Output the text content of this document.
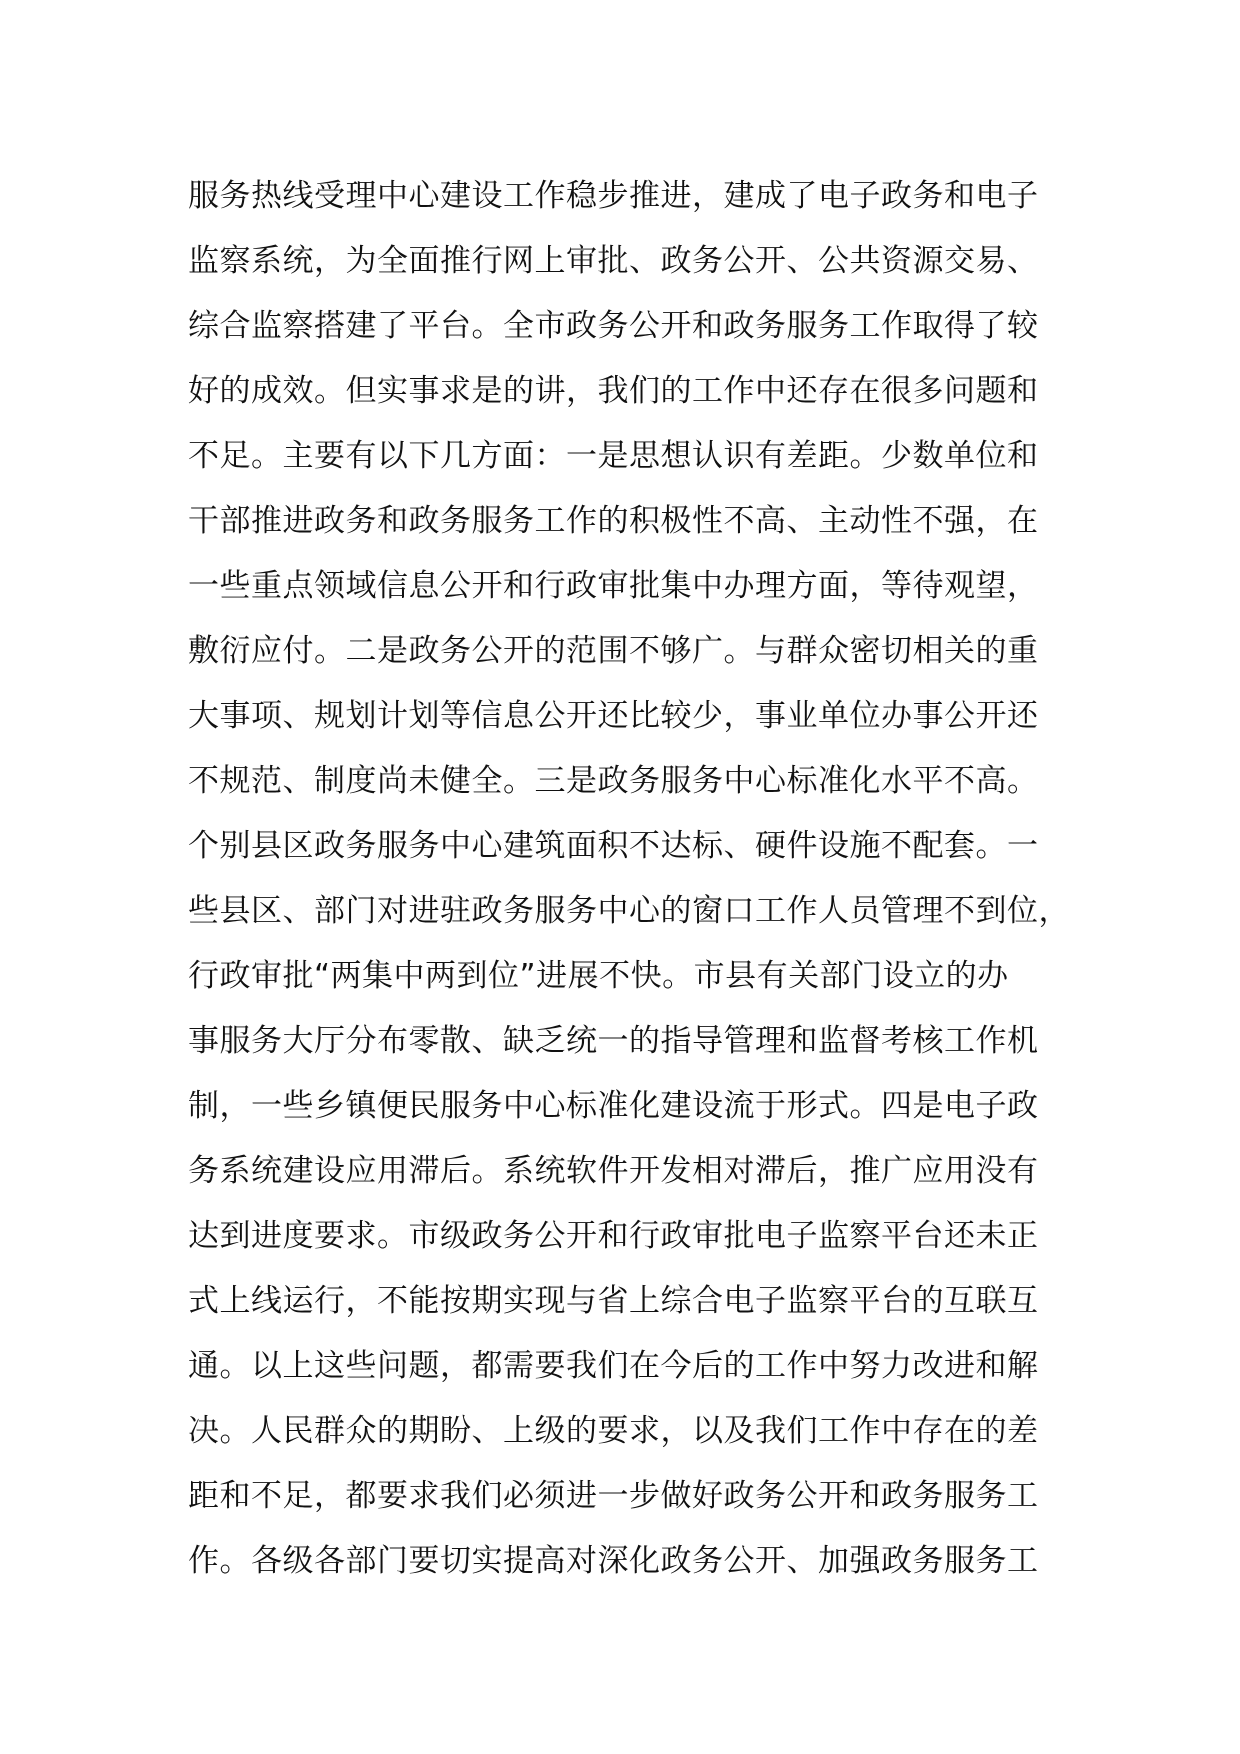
服务热线受理中心建设工作稳步推进，建成了电子政务和电子
监察系统，为全面推行网上审批、政务公开、公共资源交易、
综合监察搭建了平台。全市政务公开和政务服务工作取得了较
好的成效。但实事求是的讲，我们的工作中还存在很多问题和
不足。主要有以下几方面：一是思想认识有差距。少数单位和
干部推进政务和政务服务工作的积极性不高、主动性不强，在
一些重点领域信息公开和行政审批集中办理方面，等待观望，
敷衍应付。二是政务公开的范围不够广。与群众密切相关的重
大事项、规划计划等信息公开还比较少，事业单位办事公开还
不规范、制度尚未健全。三是政务服务中心标准化水平不高。
个别县区政务服务中心建筑面积不达标、硬件设施不配套。一
些县区、部门对进驻政务服务中心的窗口工作人员管理不到位，
行政审批“两集中两到位”进展不快。市县有关部门设立的办
事服务大厅分布零散、缺乏统一的指导管理和监督考核工作机
制，一些乡镇便民服务中心标准化建设流于形式。四是电子政
务系统建设应用滞后。系统软件开发相对滞后，推广应用没有
达到进度要求。市级政务公开和行政审批电子监察平台还未正
式上线运行，不能按期实现与省上综合电子监察平台的互联互
通。以上这些问题，都需要我们在今后的工作中努力改进和解
决。人民群众的期盼、上级的要求，以及我们工作中存在的差
距和不足，都要求我们必须进一步做好政务公开和政务服务工
作。各级各部门要切实提高对深化政务公开、加强政务服务工
